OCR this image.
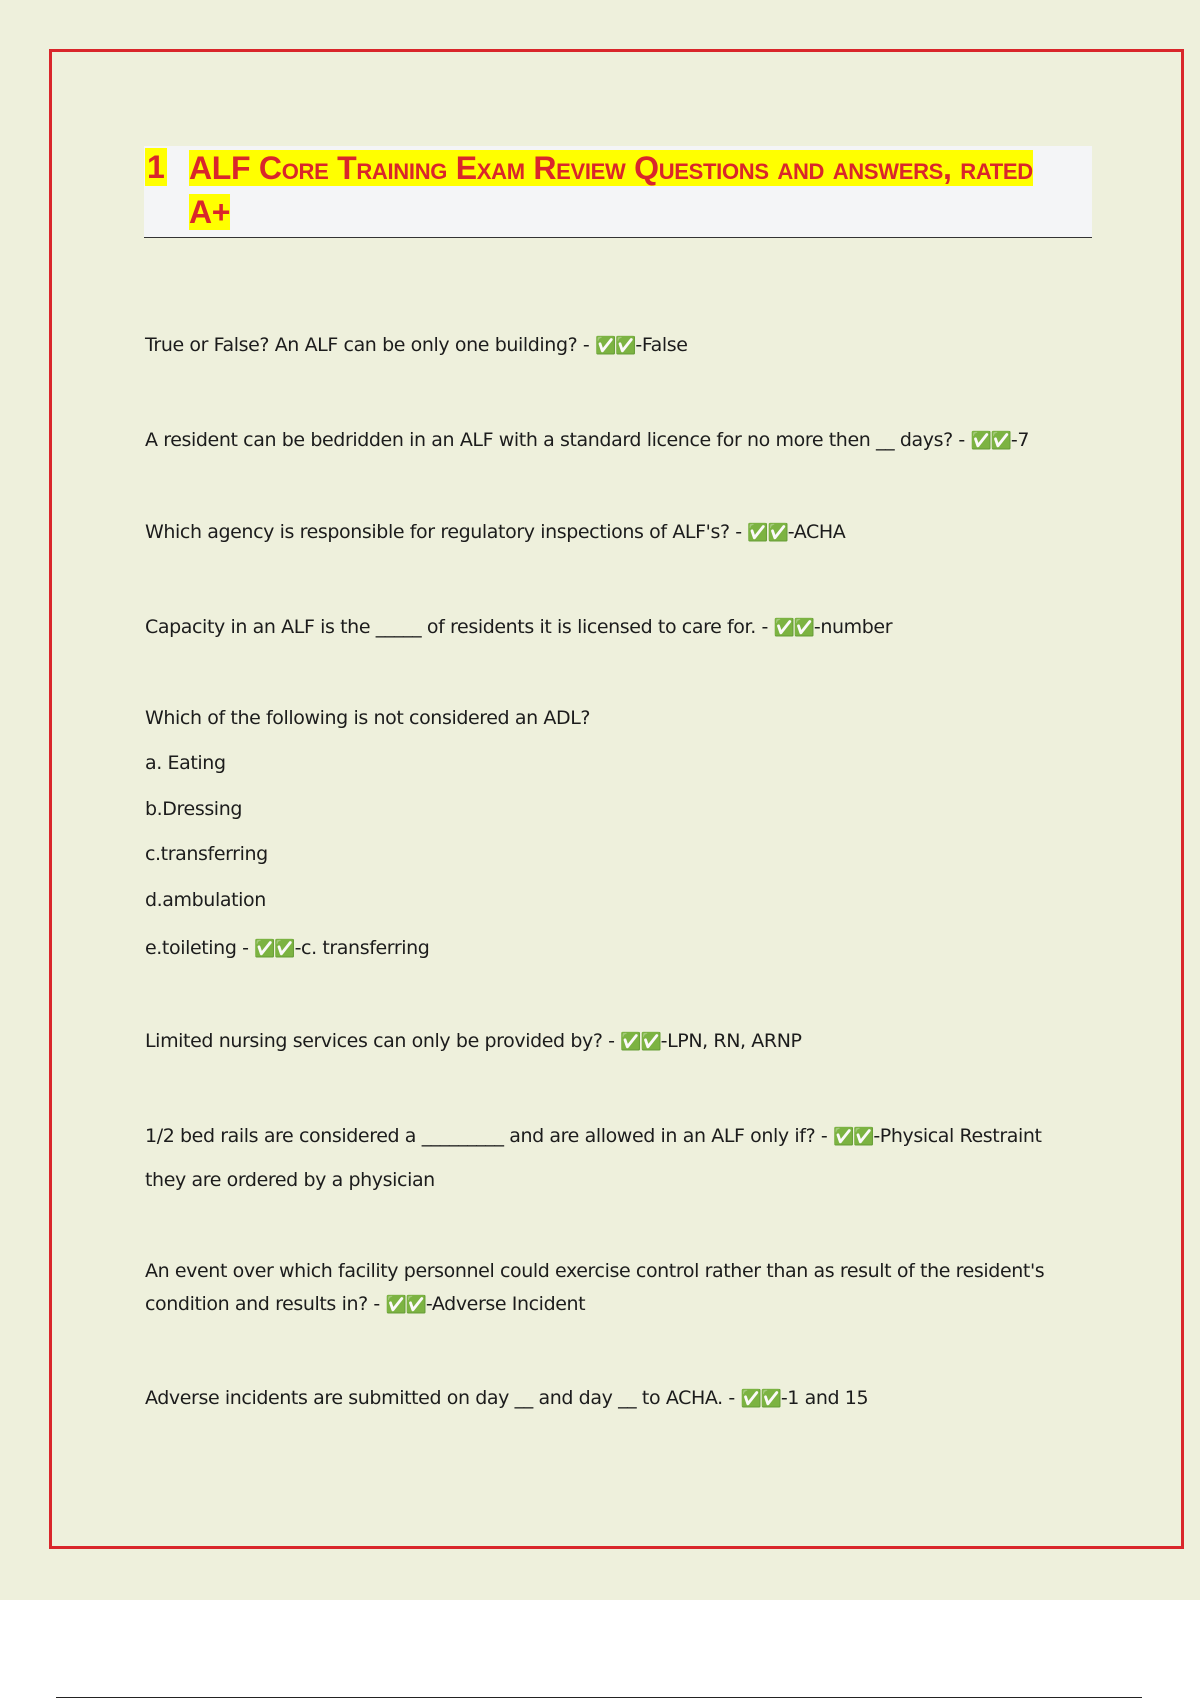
1 ALF Core Training Exam Review Questions and answers, rated A+
True or False? An ALF can be only one building? - ✅✅-False
A resident can be bedridden in an ALF with a standard licence for no more then __ days? - ✅✅-7
Which agency is responsible for regulatory inspections of ALF's? - ✅✅-ACHA
Capacity in an ALF is the _____ of residents it is licensed to care for. - ✅✅-number
Which of the following is not considered an ADL?
a. Eating
b.Dressing
c.transferring
d.ambulation
e.toileting - ✅✅-c. transferring
Limited nursing services can only be provided by? - ✅✅-LPN, RN, ARNP
1/2 bed rails are considered a _________ and are allowed in an ALF only if? - ✅✅-Physical Restraint
they are ordered by a physician
An event over which facility personnel could exercise control rather than as result of the resident's condition and results in? - ✅✅-Adverse Incident
Adverse incidents are submitted on day __ and day __ to ACHA. - ✅✅-1 and 15
